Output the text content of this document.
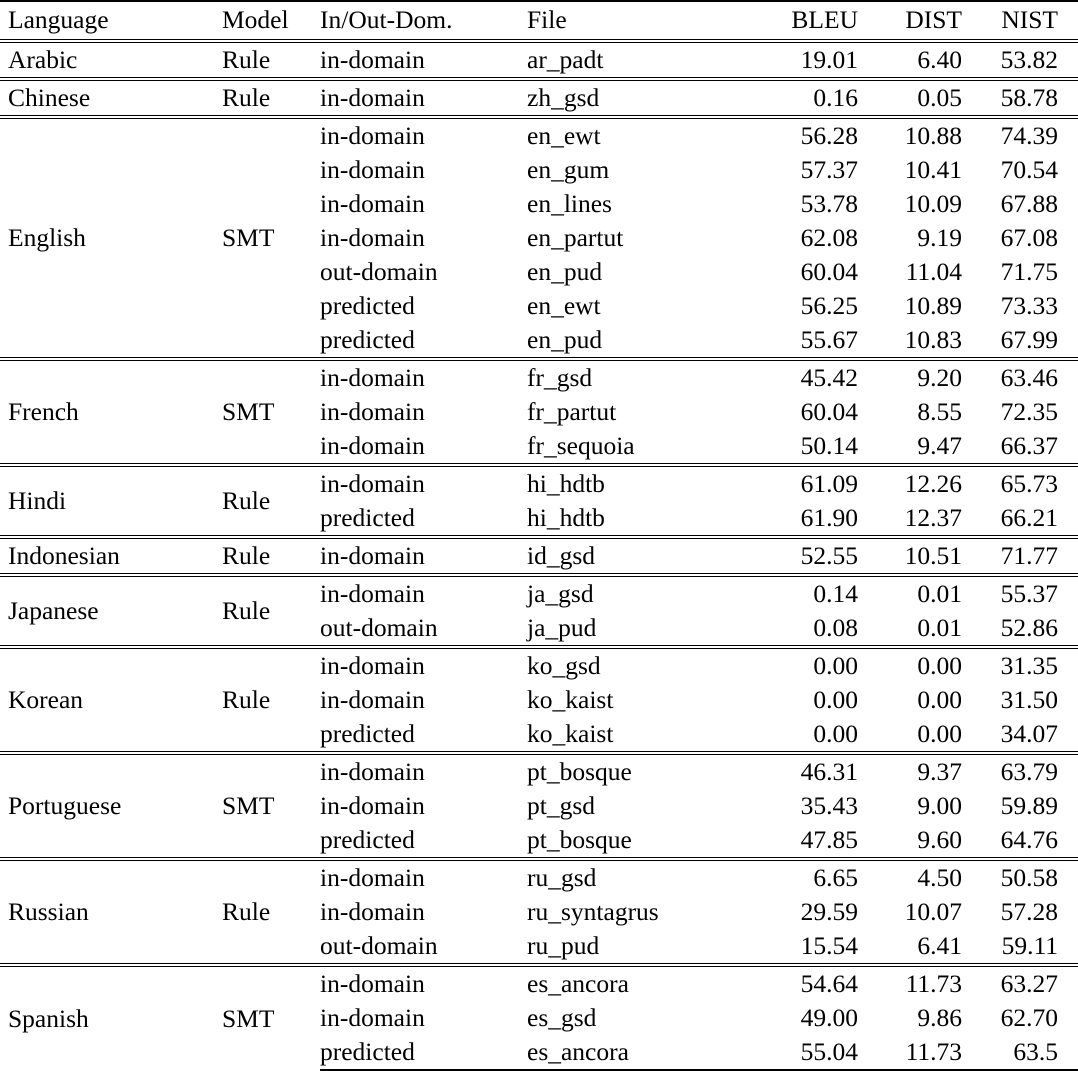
Language	Model	In/Out-Dom.	File	BLEU	DIST	NIST
Arabic	Rule	in-domain	ar_padt	19.01	6.40	53.82
Chinese	Rule	in-domain	zh_gsd	0.16	0.05	58.78
English	SMT	in-domain	en_ewt	56.28	10.88	74.39
		in-domain	en_gum	57.37	10.41	70.54
		in-domain	en_lines	53.78	10.09	67.88
		in-domain	en_partut	62.08	9.19	67.08
		out-domain	en_pud	60.04	11.04	71.75
		predicted	en_ewt	56.25	10.89	73.33
		predicted	en_pud	55.67	10.83	67.99
French	SMT	in-domain	fr_gsd	45.42	9.20	63.46
		in-domain	fr_partut	60.04	8.55	72.35
		in-domain	fr_sequoia	50.14	9.47	66.37
Hindi	Rule	in-domain	hi_hdtb	61.09	12.26	65.73
		predicted	hi_hdtb	61.90	12.37	66.21
Indonesian	Rule	in-domain	id_gsd	52.55	10.51	71.77
Japanese	Rule	in-domain	ja_gsd	0.14	0.01	55.37
		out-domain	ja_pud	0.08	0.01	52.86
Korean	Rule	in-domain	ko_gsd	0.00	0.00	31.35
		in-domain	ko_kaist	0.00	0.00	31.50
		predicted	ko_kaist	0.00	0.00	34.07
Portuguese	SMT	in-domain	pt_bosque	46.31	9.37	63.79
		in-domain	pt_gsd	35.43	9.00	59.89
		predicted	pt_bosque	47.85	9.60	64.76
Russian	Rule	in-domain	ru_gsd	6.65	4.50	50.58
		in-domain	ru_syntagrus	29.59	10.07	57.28
		out-domain	ru_pud	15.54	6.41	59.11
Spanish	SMT	in-domain	es_ancora	54.64	11.73	63.27
		in-domain	es_gsd	49.00	9.86	62.70
		predicted	es_ancora	55.04	11.73	63.5
